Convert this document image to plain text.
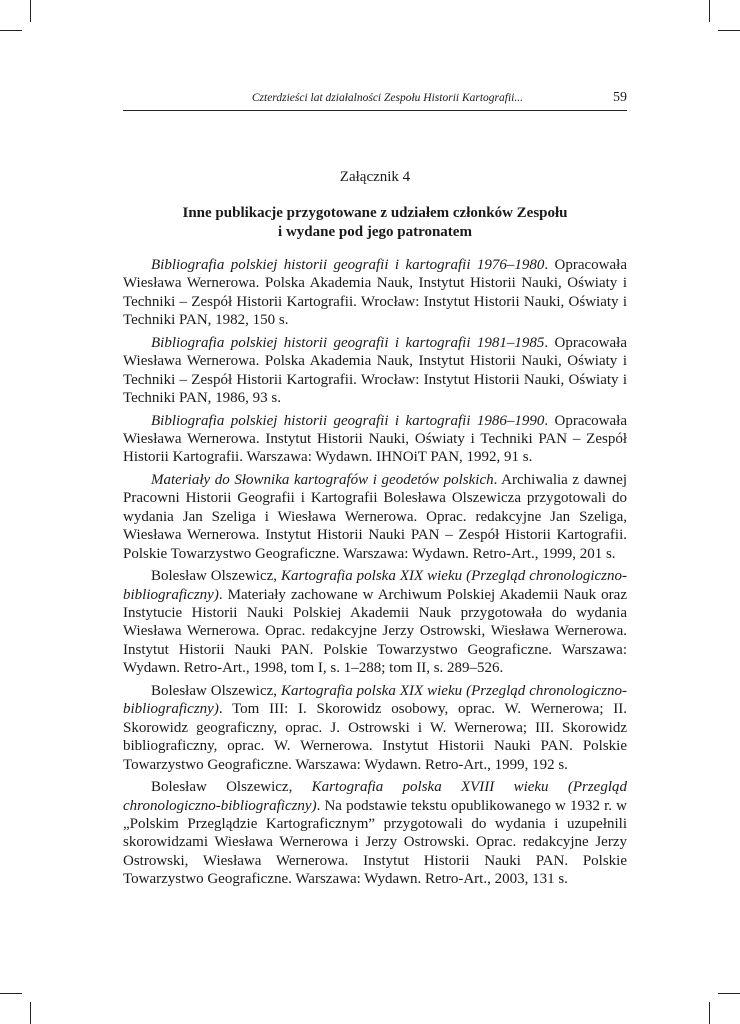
Czterdzieści lat działalności Zespołu Historii Kartografii...	59
Załącznik 4
Inne publikacje przygotowane z udziałem członków Zespołu
i wydane pod jego patronatem

Bibliografia polskiej historii geografii i kartografii 1976–1980. Opracowała Wiesława Wernerowa. Polska Akademia Nauk, Instytut Historii Nauki, Oświaty i Techniki – Zespół Historii Kartografii. Wrocław: Instytut Historii Nauki, Oświaty i Techniki PAN, 1982, 150 s.

Bibliografia polskiej historii geografii i kartografii 1981–1985. Opracowała Wiesława Wernerowa. Polska Akademia Nauk, Instytut Historii Nauki, Oświaty i Techniki – Zespół Historii Kartografii. Wrocław: Instytut Historii Nauki, Oświaty i Techniki PAN, 1986, 93 s.

Bibliografia polskiej historii geografii i kartografii 1986–1990. Opracowała Wiesława Wernerowa. Instytut Historii Nauki, Oświaty i Techniki PAN – Zespół Historii Kartografii. Warszawa: Wydawn. IHNOiT PAN, 1992, 91 s.

Materiały do Słownika kartografów i geodetów polskich. Archiwalia z dawnej Pracowni Historii Geografii i Kartografii Bolesława Olszewicza przygotowali do wydania Jan Szeliga i Wiesława Wernerowa. Oprac. redakcyjne Jan Szeliga, Wiesława Wernerowa. Instytut Historii Nauki PAN – Zespół Historii Kartografii. Polskie Towarzystwo Geograficzne. Warszawa: Wydawn. Retro-Art., 1999, 201 s.

Bolesław Olszewicz, Kartografia polska XIX wieku (Przegląd chronologiczno-bibliograficzny). Materiały zachowane w Archiwum Polskiej Akademii Nauk oraz Instytucie Historii Nauki Polskiej Akademii Nauk przygotowała do wydania Wiesława Wernerowa. Oprac. redakcyjne Jerzy Ostrowski, Wiesława Wernerowa. Instytut Historii Nauki PAN. Polskie Towarzystwo Geograficzne. Warszawa: Wydawn. Retro-Art., 1998, tom I, s. 1–288; tom II, s. 289–526.

Bolesław Olszewicz, Kartografia polska XIX wieku (Przegląd chronologiczno-bibliograficzny). Tom III: I. Skorowidz osobowy, oprac. W. Wernerowa; II. Skorowidz geograficzny, oprac. J. Ostrowski i W. Wernerowa; III. Skorowidz bibliograficzny, oprac. W. Wernerowa. Instytut Historii Nauki PAN. Polskie Towarzystwo Geograficzne. Warszawa: Wydawn. Retro-Art., 1999, 192 s.

Bolesław Olszewicz, Kartografia polska XVIII wieku (Przegląd chronologiczno-bibliograficzny). Na podstawie tekstu opublikowanego w 1932 r. w „Polskim Przeglądzie Kartograficznym” przygotowali do wydania i uzupełnili skorowidzami Wiesława Wernerowa i Jerzy Ostrowski. Oprac. redakcyjne Jerzy Ostrowski, Wiesława Wernerowa. Instytut Historii Nauki PAN. Polskie Towarzystwo Geograficzne. Warszawa: Wydawn. Retro-Art., 2003, 131 s.
